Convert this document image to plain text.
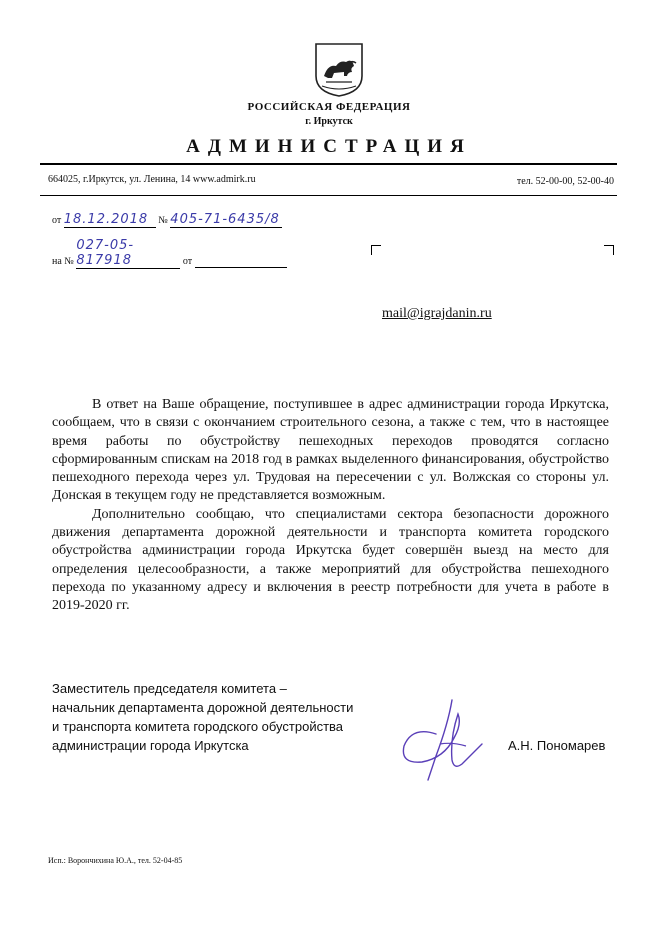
РОССИЙСКАЯ ФЕДЕРАЦИЯ
г. Иркутск
АДМИНИСТРАЦИЯ
664025, г.Иркутск, ул. Ленина, 14 www.admirk.ru	тел. 52-00-00, 52-00-40
от 18.12.2018 № 405-71-6435/8
на № 027-05-817918	от
mail@igrajdanin.ru

В ответ на Ваше обращение, поступившее в адрес администрации города Иркутска, сообщаем, что в связи с окончанием строительного сезона, а также с тем, что в настоящее время работы по обустройству пешеходных переходов проводятся согласно сформированным спискам на 2018 год в рамках выделенного финансирования, обустройство пешеходного перехода через ул. Трудовая на пересечении с ул. Волжская со стороны ул. Донская в текущем году не представляется возможным.

Дополнительно сообщаю, что специалистами сектора безопасности дорожного движения департамента дорожной деятельности и транспорта комитета городского обустройства администрации города Иркутска будет совершён выезд на место для определения целесообразности, а также мероприятий для обустройства пешеходного перехода по указанному адресу и включения в реестр потребности для учета в работе в 2019-2020 гг.

Заместитель председателя комитета –
начальник департамента дорожной деятельности
и транспорта комитета городского обустройства
администрации города Иркутска	А.Н. Пономарев
Исп.: Ворончихина Ю.А., тел. 52-04-85
